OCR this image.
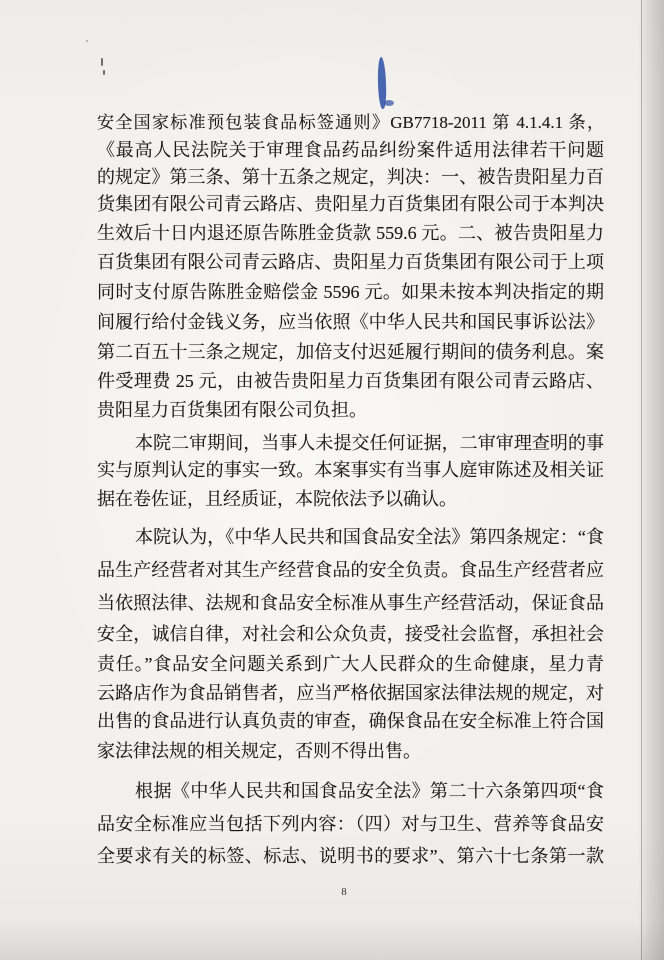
安全国家标准预包装食品标签通则》GB7718-2011 第 4.1.4.1 条，
《最高人民法院关于审理食品药品纠纷案件适用法律若干问题
的规定》第三条、第十五条之规定，判决：一、被告贵阳星力百
货集团有限公司青云路店、贵阳星力百货集团有限公司于本判决
生效后十日内退还原告陈胜金货款 559.6 元。二、被告贵阳星力
百货集团有限公司青云路店、贵阳星力百货集团有限公司于上项
同时支付原告陈胜金赔偿金 5596 元。如果未按本判决指定的期
间履行给付金钱义务，应当依照《中华人民共和国民事诉讼法》
第二百五十三条之规定，加倍支付迟延履行期间的债务利息。案
件受理费 25 元，由被告贵阳星力百货集团有限公司青云路店、
贵阳星力百货集团有限公司负担。
本院二审期间，当事人未提交任何证据，二审审理查明的事
实与原判认定的事实一致。本案事实有当事人庭审陈述及相关证
据在卷佐证，且经质证，本院依法予以确认。
本院认为，《中华人民共和国食品安全法》第四条规定：“食
品生产经营者对其生产经营食品的安全负责。食品生产经营者应
当依照法律、法规和食品安全标准从事生产经营活动，保证食品
安全，诚信自律，对社会和公众负责，接受社会监督，承担社会
责任。”食品安全问题关系到广大人民群众的生命健康，星力青
云路店作为食品销售者，应当严格依据国家法律法规的规定，对
出售的食品进行认真负责的审查，确保食品在安全标准上符合国
家法律法规的相关规定，否则不得出售。
根据《中华人民共和国食品安全法》第二十六条第四项“食
品安全标准应当包括下列内容：（四）对与卫生、营养等食品安
全要求有关的标签、标志、说明书的要求”、第六十七条第一款
8
